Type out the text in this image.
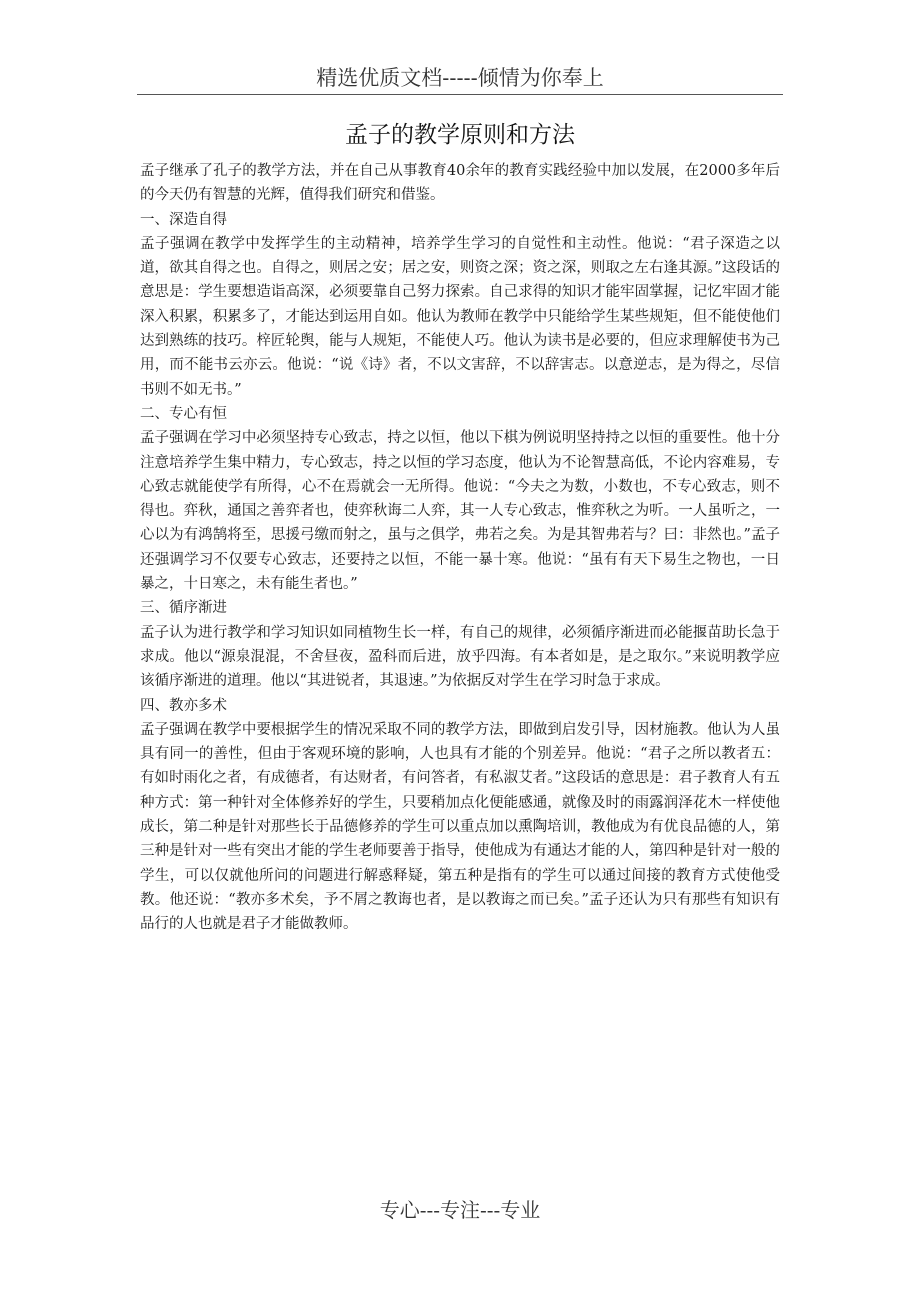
精选优质文档-----倾情为你奉上
孟子的教学原则和方法

孟子继承了孔子的教学方法，并在自己从事教育40余年的教育实践经验中加以发展，在2000多年后的今天仍有智慧的光辉，值得我们研究和借鉴。

一、深造自得

孟子强调在教学中发挥学生的主动精神，培养学生学习的自觉性和主动性。他说：“君子深造之以道，欲其自得之也。自得之，则居之安；居之安，则资之深；资之深，则取之左右逢其源。”这段话的意思是：学生要想造诣高深，必须要靠自己努力探索。自己求得的知识才能牢固掌握，记忆牢固才能深入积累，积累多了，才能达到运用自如。他认为教师在教学中只能给学生某些规矩，但不能使他们达到熟练的技巧。梓匠轮舆，能与人规矩，不能使人巧。他认为读书是必要的，但应求理解使书为己用，而不能书云亦云。他说：“说《诗》者，不以文害辞，不以辞害志。以意逆志，是为得之，尽信书则不如无书。”

二、专心有恒

孟子强调在学习中必须坚持专心致志，持之以恒，他以下棋为例说明坚持持之以恒的重要性。他十分注意培养学生集中精力，专心致志，持之以恒的学习态度，他认为不论智慧高低，不论内容难易，专心致志就能使学有所得，心不在焉就会一无所得。他说：“今夫之为数，小数也，不专心致志，则不得也。弈秋，通国之善弈者也，使弈秋诲二人弈，其一人专心致志，惟弈秋之为听。一人虽听之，一心以为有鸿鹄将至，思援弓缴而射之，虽与之俱学，弗若之矣。为是其智弗若与？曰：非然也。”孟子还强调学习不仅要专心致志，还要持之以恒，不能一暴十寒。他说：“虽有有天下易生之物也，一日暴之，十日寒之，未有能生者也。”

三、循序渐进

孟子认为进行教学和学习知识如同植物生长一样，有自己的规律，必须循序渐进而必能揠苗助长急于求成。他以“源泉混混，不舍昼夜，盈科而后进，放乎四海。有本者如是，是之取尔。”来说明教学应该循序渐进的道理。他以“其进锐者，其退速。”为依据反对学生在学习时急于求成。

四、教亦多术

孟子强调在教学中要根据学生的情况采取不同的教学方法，即做到启发引导，因材施教。他认为人虽具有同一的善性，但由于客观环境的影响，人也具有才能的个别差异。他说：“君子之所以教者五：有如时雨化之者，有成德者，有达财者，有问答者，有私淑艾者。”这段话的意思是：君子教育人有五种方式：第一种针对全体修养好的学生，只要稍加点化便能感通，就像及时的雨露润泽花木一样使他成长，第二种是针对那些长于品德修养的学生可以重点加以熏陶培训，教他成为有优良品德的人，第三种是针对一些有突出才能的学生老师要善于指导，使他成为有通达才能的人，第四种是针对一般的学生，可以仅就他所问的问题进行解惑释疑，第五种是指有的学生可以通过间接的教育方式使他受教。他还说：“教亦多术矣，予不屑之教诲也者，是以教诲之而已矣。”孟子还认为只有那些有知识有品行的人也就是君子才能做教师。

专心---专注---专业
